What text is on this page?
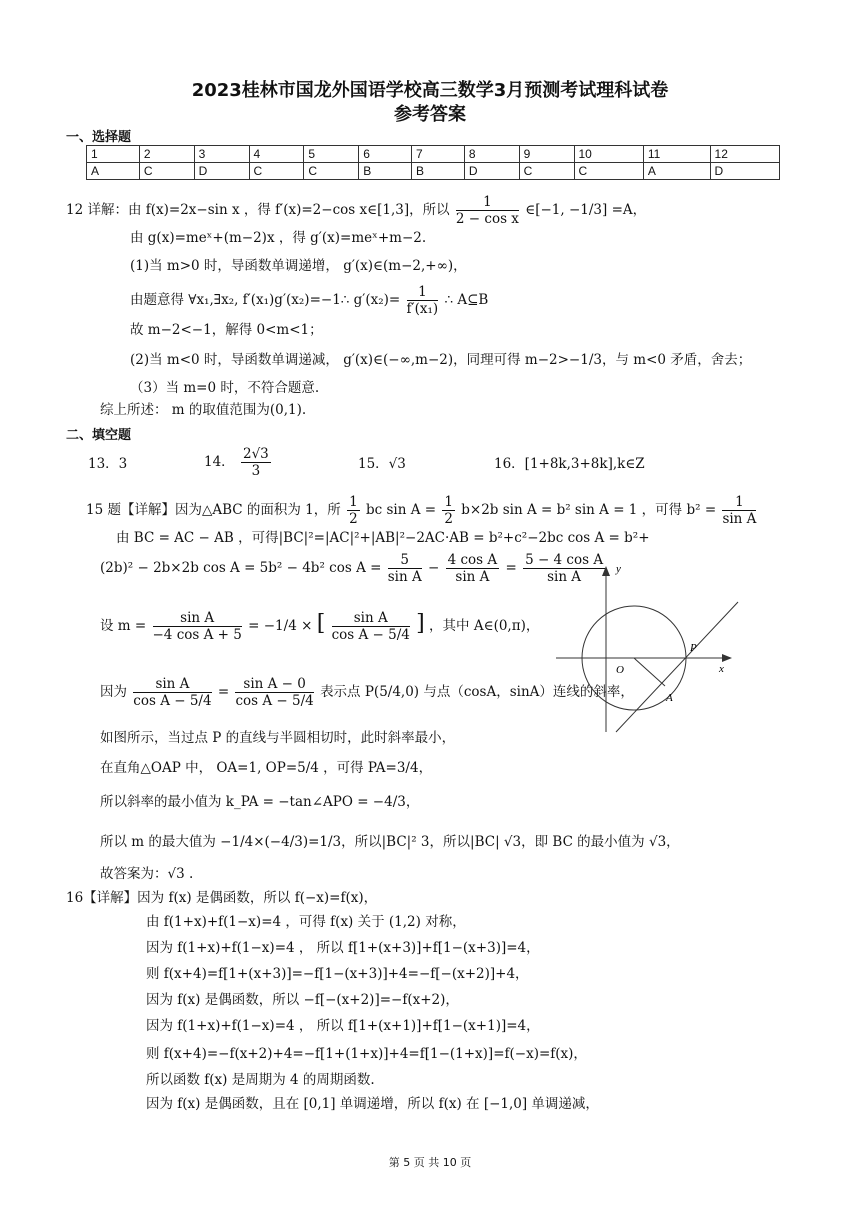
2023桂林市国龙外国语学校高三数学3月预测考试理科试卷
参考答案
一、选择题
1	2	3	4	5	6	7	8	9	10	11	12
A	C	D	C	C	B	B	D	C	C	A	D
12 详解：由 f(x)=2x−sin x ，得 f′(x)=2−cos x∈[1,3]，所以 $\frac{1}{\text{2 − cos x}}$ ∈[−1, −1/3] =A，
由 g(x)=meˣ+(m−2)x ，得 g′(x)=meˣ+m−2.
(1)当 m>0 时，导函数单调递增， g′(x)∈(m−2,+∞)，
由题意得 ∀x₁,∃x₂, f′(x₁)g′(x₂)=−1∴ $g'(x_2)= \frac{1}{\text{f′(x₁)}}$ ∴ A⊆B
故 m−2<−1，解得 0<m<1；
(2)当 m<0 时，导函数单调递减， g′(x)∈(−∞,m−2)，同理可得 m−2>−1/3，与 m<0 矛盾，舍去；
（3）当 m=0 时，不符合题意.
综上所述： m 的取值范围为(0,1).
二、填空题
13．3	14． $\frac{2√3}{3}$	15．√3	16．[1+8k,3+8k],k∈Z
15 题【详解】因为△ABC 的面积为 1，所 $\frac{1}{2}$ bc $\sin A = \frac{1}{2} b\times 2b$ sin A = b² sin A = 1 ，可得 $b^2 = \frac{1}{\text{sin A}}$
由 BC = AC − AB ，可得|BC|²=|AC|²+|AB|²−2AC·AB = b²+c²−2bc cos A = b²+
(2b)² − 2b×2b cos A = 5b² − 4b² $\cos A = \frac{5}{\text{sin A}} - \frac{\text{4 cos A}}{\text{sin A}} = \frac{\text{5 − 4 cos A}}{\text{sin A}}$
设 $m = \frac{\text{sin A}}{\text{−4 cos A + 5}} = -1/4$ × [ $\frac{\text{sin A}}{\text{cos A − 5/4}}$ ] ，其中 A∈(0,π)，
因为 $\frac{\text{sin A}}{\text{cos A − 5/4}} = \frac{\text{sin A − 0}}{\text{cos A − 5/4}}$ 表示点 P(5/4,0) 与点（cosA，sinA）连线的斜率，
如图所示，当过点 P 的直线与半圆相切时，此时斜率最小，
在直角△OAP 中， OA=1, OP=5/4 ，可得 PA=3/4，
所以斜率的最小值为 k_PA = −tan∠APO = −4/3，
所以 m 的最大值为 −1/4×(−4/3)=1/3，所以|BC|² 3，所以|BC| √3，即 BC 的最小值为 √3，
故答案为：√3 .
y
x
O
P
A
16【详解】因为 f(x) 是偶函数，所以 f(−x)=f(x)，
由 f(1+x)+f(1−x)=4 ，可得 f(x) 关于 (1,2) 对称，
因为 f(1+x)+f(1−x)=4 ， 所以 f[1+(x+3)]+f[1−(x+3)]=4，
则 f(x+4)=f[1+(x+3)]=−f[1−(x+3)]+4=−f[−(x+2)]+4，
因为 f(x) 是偶函数，所以 −f[−(x+2)]=−f(x+2)，
因为 f(1+x)+f(1−x)=4 ， 所以 f[1+(x+1)]+f[1−(x+1)]=4，
则 f(x+4)=−f(x+2)+4=−f[1+(1+x)]+4=f[1−(1+x)]=f(−x)=f(x)，
所以函数 f(x) 是周期为 4 的周期函数.
因为 f(x) 是偶函数，且在 [0,1] 单调递增，所以 f(x) 在 [−1,0] 单调递减，
第 5 页 共 10 页
